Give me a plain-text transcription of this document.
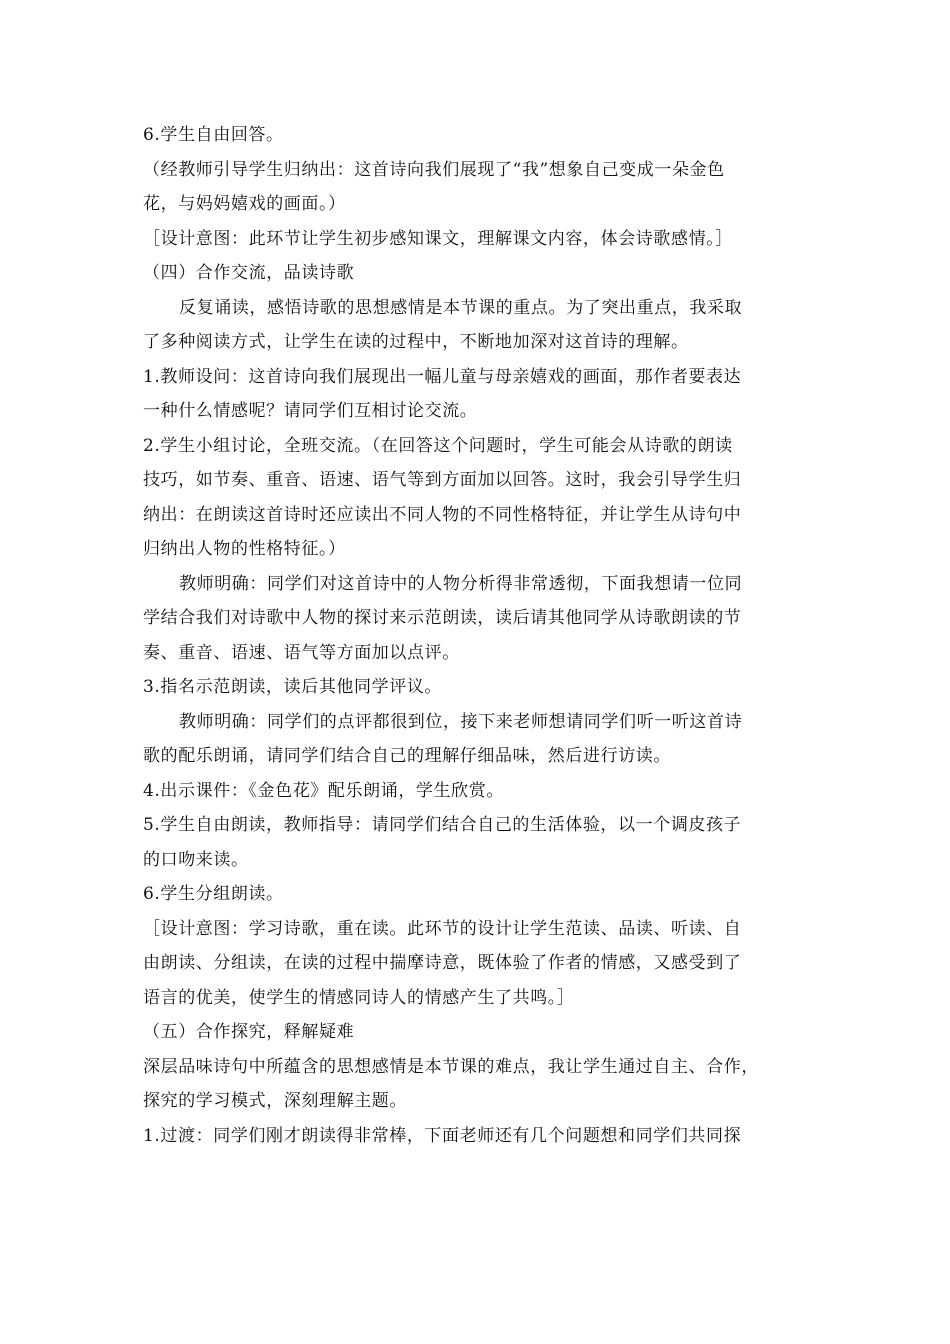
6.学生自由回答。
（经教师引导学生归纳出：这首诗向我们展现了“我”想象自己变成一朵金色
花，与妈妈嬉戏的画面。）
［设计意图：此环节让学生初步感知课文，理解课文内容，体会诗歌感情。］
（四）合作交流，品读诗歌
反复诵读，感悟诗歌的思想感情是本节课的重点。为了突出重点，我采取
了多种阅读方式，让学生在读的过程中，不断地加深对这首诗的理解。
1.教师设问：这首诗向我们展现出一幅儿童与母亲嬉戏的画面，那作者要表达
一种什么情感呢？请同学们互相讨论交流。
2.学生小组讨论，全班交流。（在回答这个问题时，学生可能会从诗歌的朗读
技巧，如节奏、重音、语速、语气等到方面加以回答。这时，我会引导学生归
纳出：在朗读这首诗时还应读出不同人物的不同性格特征，并让学生从诗句中
归纳出人物的性格特征。）
教师明确：同学们对这首诗中的人物分析得非常透彻，下面我想请一位同
学结合我们对诗歌中人物的探讨来示范朗读，读后请其他同学从诗歌朗读的节
奏、重音、语速、语气等方面加以点评。
3.指名示范朗读，读后其他同学评议。
教师明确：同学们的点评都很到位，接下来老师想请同学们听一听这首诗
歌的配乐朗诵，请同学们结合自己的理解仔细品味，然后进行访读。
4.出示课件：《金色花》配乐朗诵，学生欣赏。
5.学生自由朗读，教师指导：请同学们结合自己的生活体验，以一个调皮孩子
的口吻来读。
6.学生分组朗读。
［设计意图：学习诗歌，重在读。此环节的设计让学生范读、品读、听读、自
由朗读、分组读，在读的过程中揣摩诗意，既体验了作者的情感，又感受到了
语言的优美，使学生的情感同诗人的情感产生了共鸣。］
（五）合作探究，释解疑难
深层品味诗句中所蕴含的思想感情是本节课的难点，我让学生通过自主、合作，
探究的学习模式，深刻理解主题。
1.过渡：同学们刚才朗读得非常棒，下面老师还有几个问题想和同学们共同探
